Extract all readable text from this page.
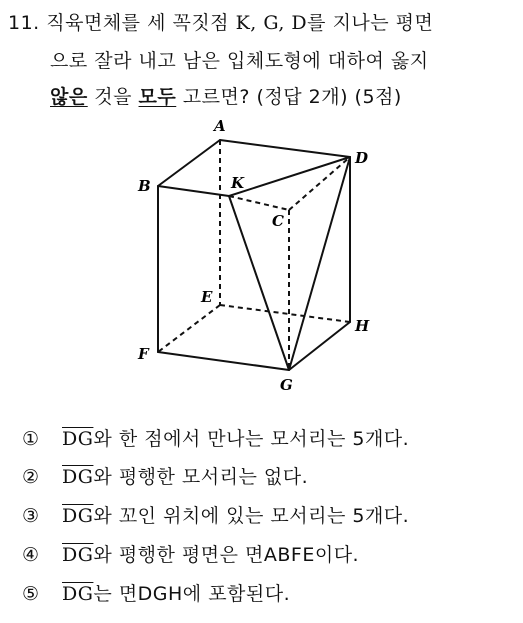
11. 직육면체를 세 꼭짓점 K, G, D를 지나는 평면
으로 잘라 내고 남은 입체도형에 대하여 옳지
않은 것을 모두 고르면? (정답 2개) (5점)
A
B	K
D
C
E
H
F
G
① $\overline{DG}$와 한 점에서 만나는 모서리는 5개다.
② $\overline{DG}$와 평행한 모서리는 없다.
③ $\overline{DG}$와 꼬인 위치에 있는 모서리는 5개다.
④ $\overline{DG}$와 평행한 평면은 면ABFE이다.
⑤ $\overline{DG}$는 면DGH에 포함된다.
